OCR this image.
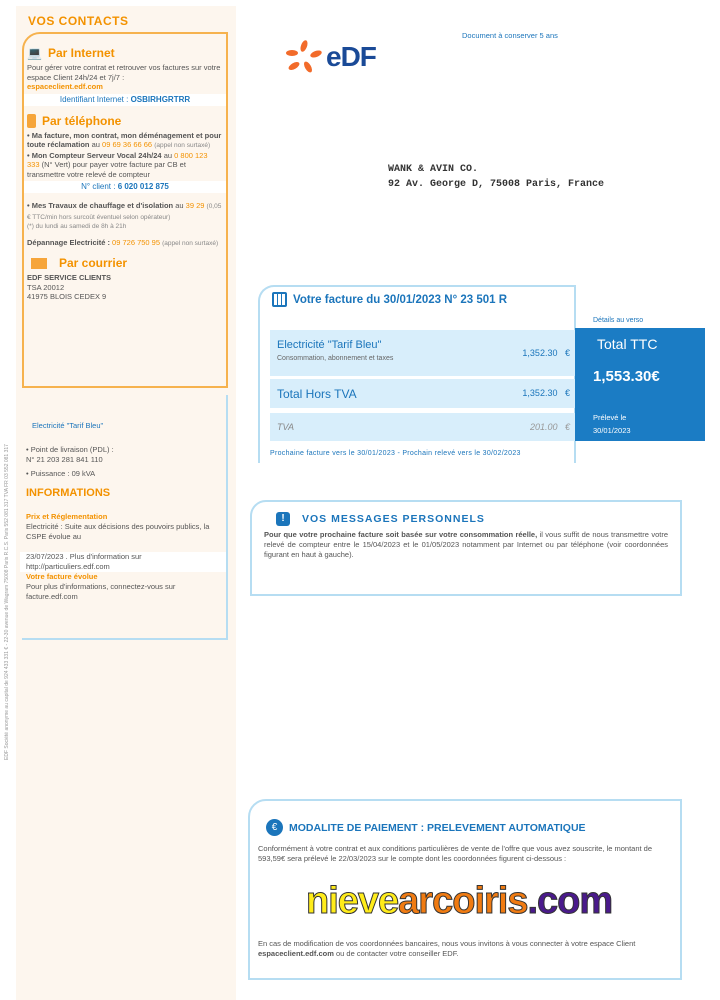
EDF Société anonyme au capital de 924 433 331 € - 22-30 avenue de Wagram 75008 Paris R.C.S. Paris 552 081 317 TVA FR 03 552 081 317
VOS CONTACTS
💻 Par Internet
Pour gérer votre contrat et retrouver vos factures sur votre espace Client 24h/24 et 7j/7 :
espaceclient.edf.com
Identifiant Internet : OSBIRHGRTRR
Par téléphone
• Ma facture, mon contrat, mon déménagement et pour toute réclamation au 09 69 36 66 66 (appel non surtaxé)
• Mon Compteur Serveur Vocal 24h/24 au 0 800 123 333 (N° Vert) pour payer votre facture par CB et transmettre votre relevé de compteur
N° client : 6 020 012 875
• Mes Travaux de chauffage et d'isolation au 39 29 (0,05 € TTC/min hors surcoût éventuel selon opérateur)
(*) du lundi au samedi de 8h à 21h
Dépannage Electricité : 09 726 750 95 (appel non surtaxé)
Par courrier
EDF SERVICE CLIENTS
TSA 20012
41975 BLOIS CEDEX 9
Electricité "Tarif Bleu"
• Point de livraison (PDL) :
N° 21 203 281 841 110
• Puissance : 09 kVA
INFORMATIONS
Prix et Réglementation
Electricité : Suite aux décisions des pouvoirs publics, la CSPE évolue au
23/07/2023 . Plus d'information sur http://particuliers.edf.com
Votre facture évolue
Pour plus d'informations, connectez-vous sur facture.edf.com
eDF
Document à conserver 5 ans
WANK & AVIN CO.
92 Av. George D, 75008 Paris, France
Votre facture du 30/01/2023 N° 23 501 R
Electricité "Tarif Bleu"
Consommation, abonnement et taxes
1,352.30 €
Total Hors TVA	1,352.30 €
TVA	201.00 €
Détails au verso
Total TTC
1,553.30€
Prélevé le
30/01/2023
Prochaine facture vers le 30/01/2023 - Prochain relevé vers le 30/02/2023
!	VOS MESSAGES PERSONNELS
Pour que votre prochaine facture soit basée sur votre consommation réelle, il vous suffit de nous transmettre votre relevé de compteur entre le 15/04/2023 et le 01/05/2023 notamment par Internet ou par téléphone (voir coordonnées figurant en haut à gauche).
€	MODALITE DE PAIEMENT : PRELEVEMENT AUTOMATIQUE
Conformément à votre contrat et aux conditions particulières de vente de l'offre que vous avez souscrite, le montant de 593,59€ sera prélevé le 22/03/2023 sur le compte dont les coordonnées figurent ci-dessous :
En cas de modification de vos coordonnées bancaires, nous vous invitons à vous connecter à votre espace Client espaceclient.edf.com ou de contacter votre conseiller EDF.
nievearcoiris.com
